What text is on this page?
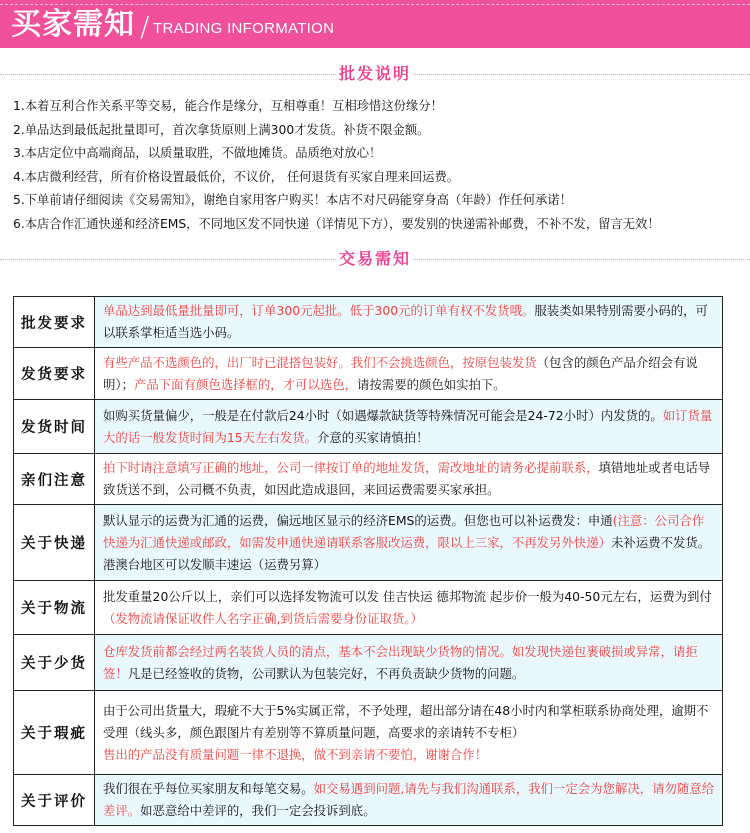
买家需知 / TRADING INFORMATION
批发说明
1.本着互利合作关系平等交易，能合作是缘分，互相尊重！互相珍惜这份缘分！
2.单品达到最低起批量即可，首次拿货原则上满300才发货。补货不限金额。
3.本店定位中高端商品，以质量取胜，不做地摊货。品质绝对放心！
4.本店微利经营，所有价格设置最低价，不议价， 任何退货有买家自理来回运费。
5.下单前请仔细阅读《交易需知》，谢绝自家用客户购买！本店不对尺码能穿身高（年龄）作任何承诺！
6.本店合作汇通快递和经济EMS，不同地区发不同快递（详情见下方），要发别的快递需补邮费，不补不发，留言无效！
交易需知
批发要求	单品达到最低量批量即可，订单300元起批。低于300元的订单有权不发货哦。服装类如果特别需要小码的，可以联系掌柜适当选小码。
发货要求	有些产品不选颜色的，出厂时已混搭包装好。我们不会挑选颜色，按原包装发货（包含的颜色产品介绍会有说明）；产品下面有颜色选择框的，才可以选色，请按需要的颜色如实拍下。
发货时间	如购买货量偏少，一般是在付款后24小时（如遇爆款缺货等特殊情况可能会是24-72小时）内发货的。如订货量大的话一般发货时间为15天左右发货。介意的买家请慎拍！
亲们注意	拍下时请注意填写正确的地址，公司一律按订单的地址发货，需改地址的请务必提前联系，填错地址或者电话导致货送不到，公司概不负责，如因此造成退回，来回运费需要买家承担。
关于快递	默认显示的运费为汇通的运费，偏远地区显示的经济EMS的运费。但您也可以补运费发：申通(注意：公司合作快递为汇通快递或邮政，如需发申通快递请联系客服改运费，限以上三家，不再发另外快递）未补运费不发货。港澳台地区可以发顺丰速运（运费另算）
关于物流	批发重量20公斤以上，亲们可以选择发物流可以发 佳吉快运 德邦物流 起步价一般为40-50元左右，运费为到付（发物流请保证收件人名字正确,到货后需要身份证取货。）
关于少货	仓库发货前都会经过两名装货人员的清点，基本不会出现缺少货物的情况。如发现快递包裹破损或异常，请拒签！凡是已经签收的货物，公司默认为包装完好，不再负责缺少货物的问题。
关于瑕疵	由于公司出货量大，瑕疵不大于5%实属正常，不予处理，超出部分请在48小时内和掌柜联系协商处理，逾期不受理（线头多，颜色跟图片有差别等不算质量问题，高要求的亲请转不专柜）
售出的产品没有质量问题一律不退换，做不到亲请不要怕，谢谢合作！
关于评价	我们很在乎每位买家朋友和每笔交易。如交易遇到问题,请先与我们沟通联系，我们一定会为您解决，请勿随意给差评。如恶意给中差评的，我们一定会投诉到底。
